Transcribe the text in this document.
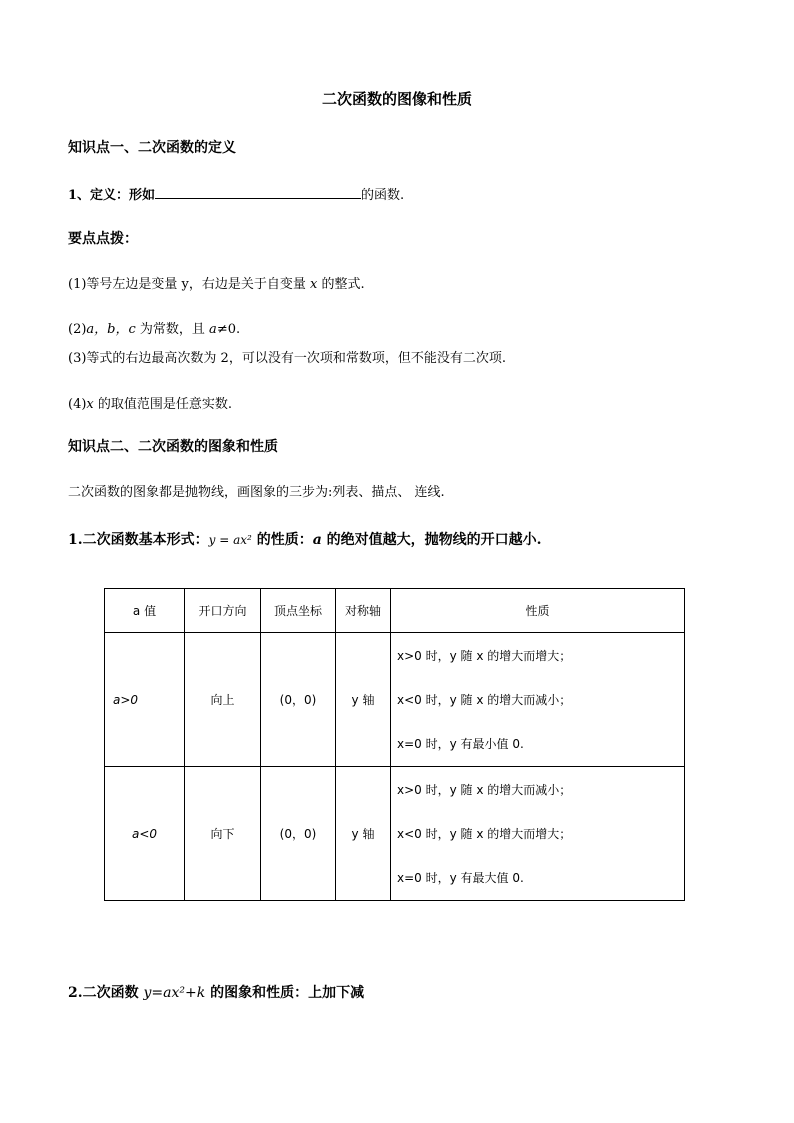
二次函数的图像和性质
知识点一、二次函数的定义
1、定义：形如	的函数.
要点点拨：
(1)等号左边是变量 y，右边是关于自变量 x 的整式.
(2)a，b，c 为常数，且 a≠0.
(3)等式的右边最高次数为 2，可以没有一次项和常数项，但不能没有二次项.
(4)x 的取值范围是任意实数.
知识点二、二次函数的图象和性质
二次函数的图象都是抛物线，画图象的三步为:列表、描点、 连线.
1.二次函数基本形式：y = ax² 的性质：a 的绝对值越大，抛物线的开口越小.
a 值	开口方向	顶点坐标	对称轴	性质
a>0	向上	(0，0)	y 轴	x>0 时，y 随 x 的增大而增大；
x<0 时，y 随 x 的增大而减小；
x=0 时，y 有最小值 0.

a<0	向下	(0，0)	y 轴	x>0 时，y 随 x 的增大而减小；
x<0 时，y 随 x 的增大而增大；
x=0 时，y 有最大值 0.
2.二次函数 y=ax²+k 的图象和性质：上加下减
